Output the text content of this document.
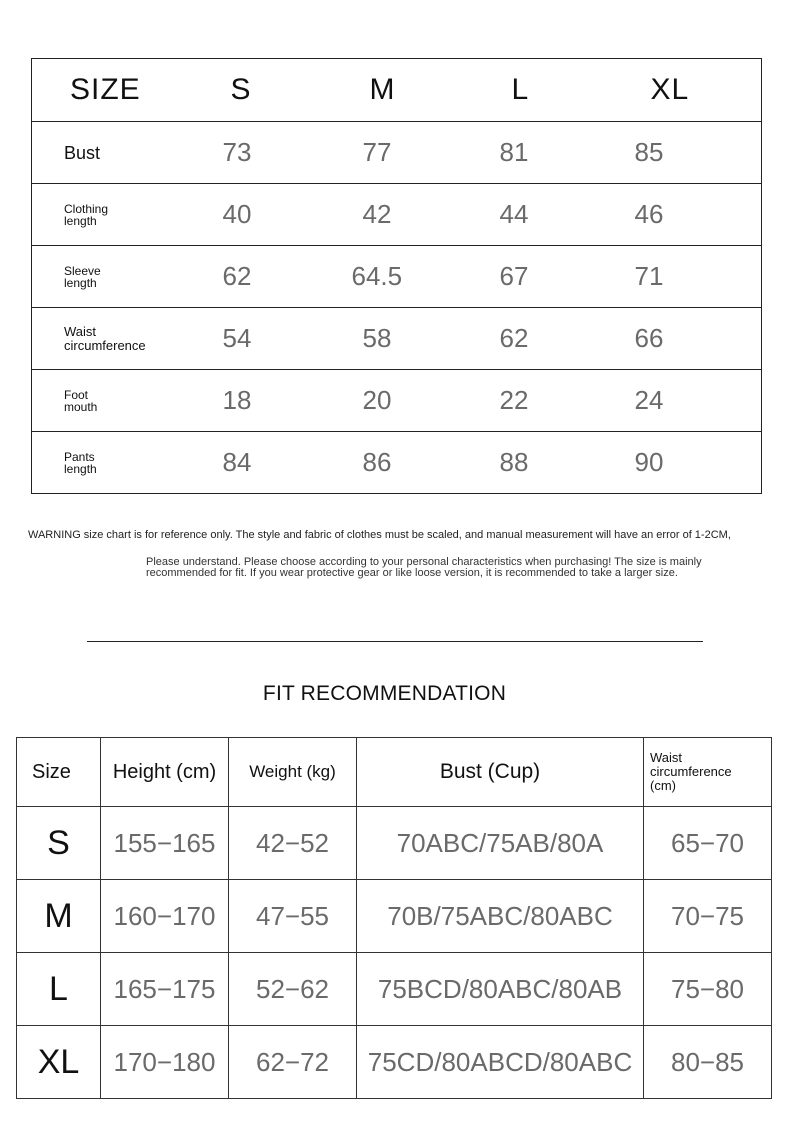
SIZE	S	M	L	XL
Bust	73	77	81	85
Clothing
length	40	42	44	46
Sleeve
length	62	64.5	67	71
Waist
circumference	54	58	62	66
Foot
mouth	18	20	22	24
Pants
length	84	86	88	90
WARNING size chart is for reference only. The style and fabric of clothes must be scaled, and manual measurement will have an error of 1-2CM,
Please understand. Please choose according to your personal characteristics when purchasing! The size is mainly recommended for fit. If you wear protective gear or like loose version, it is recommended to take a larger size.
FIT RECOMMENDATION
Size	Height (cm)	Weight (kg)	Bust (Cup)	Waist
circumference
(cm)
S	155−165	42−52	70ABC/75AB/80A	65−70
M	160−170	47−55	70B/75ABC/80ABC	70−75
L	165−175	52−62	75BCD/80ABC/80AB	75−80
XL	170−180	62−72	75CD/80ABCD/80ABC	80−85
